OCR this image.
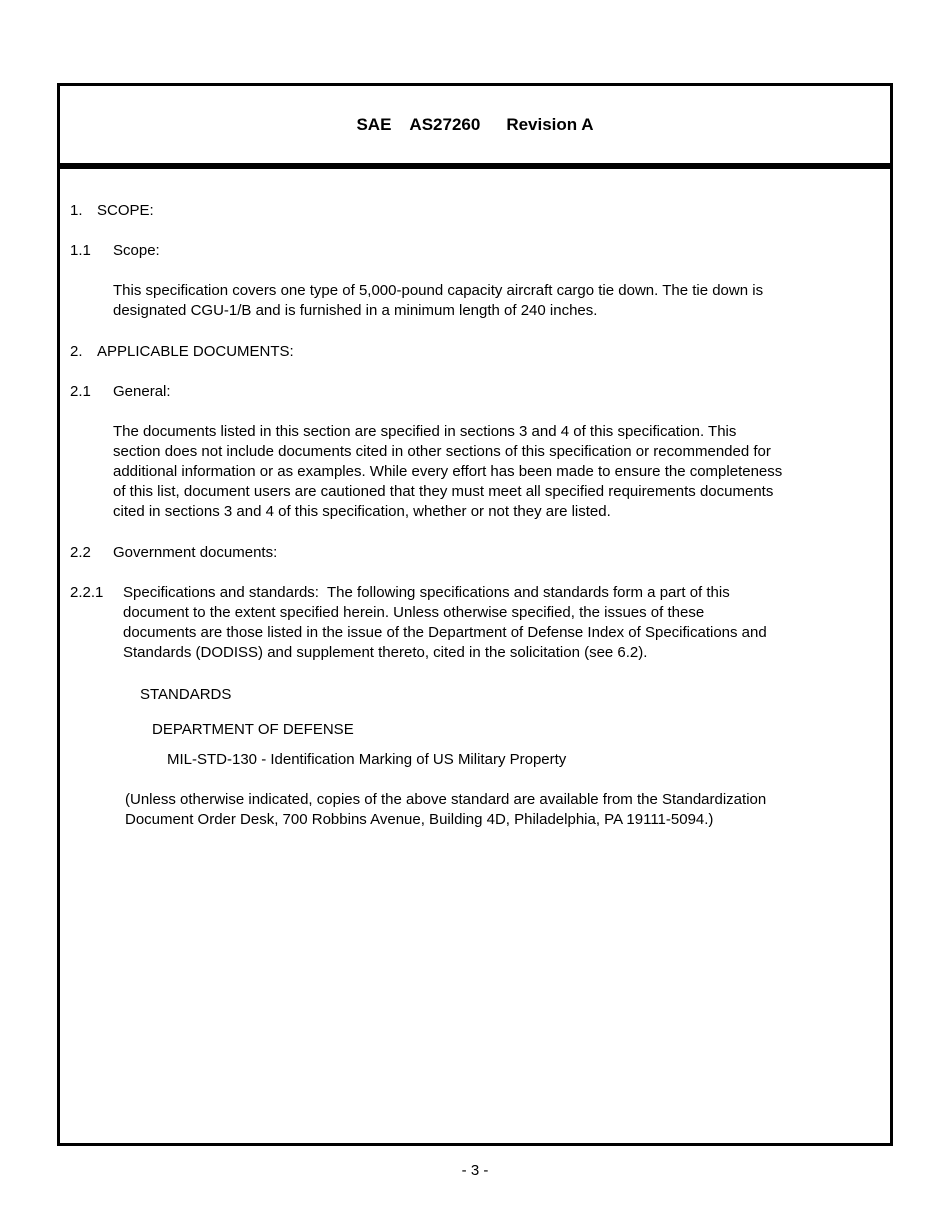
SAE AS27260 Revision A
1. SCOPE:
1.1	Scope:
This specification covers one type of 5,000-pound capacity aircraft cargo tie down. The tie down is
designated CGU-1/B and is furnished in a minimum length of 240 inches.
2. APPLICABLE DOCUMENTS:
2.1	General:
The documents listed in this section are specified in sections 3 and 4 of this specification. This
section does not include documents cited in other sections of this specification or recommended for
additional information or as examples. While every effort has been made to ensure the completeness
of this list, document users are cautioned that they must meet all specified requirements documents
cited in sections 3 and 4 of this specification, whether or not they are listed.
2.2	Government documents:
2.2.1	Specifications and standards:  The following specifications and standards form a part of this
document to the extent specified herein. Unless otherwise specified, the issues of these
documents are those listed in the issue of the Department of Defense Index of Specifications and
Standards (DODISS) and supplement thereto, cited in the solicitation (see 6.2).
STANDARDS
DEPARTMENT OF DEFENSE
MIL-STD-130 - Identification Marking of US Military Property
(Unless otherwise indicated, copies of the above standard are available from the Standardization
Document Order Desk, 700 Robbins Avenue, Building 4D, Philadelphia, PA 19111-5094.)
- 3 -
